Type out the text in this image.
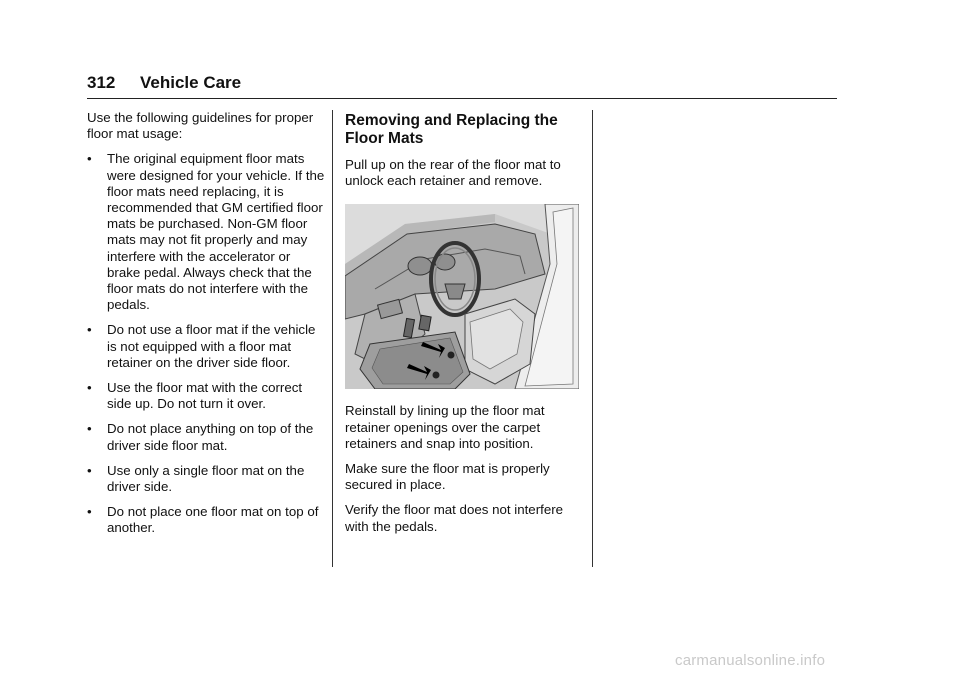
312 Vehicle Care

Use the following guidelines for proper floor mat usage:

• The original equipment floor mats were designed for your vehicle. If the floor mats need replacing, it is recommended that GM certified floor mats be purchased. Non-GM floor mats may not fit properly and may interfere with the accelerator or brake pedal. Always check that the floor mats do not interfere with the pedals.
• Do not use a floor mat if the vehicle is not equipped with a floor mat retainer on the driver side floor.
• Use the floor mat with the correct side up. Do not turn it over.
• Do not place anything on top of the driver side floor mat.
• Use only a single floor mat on the driver side.
• Do not place one floor mat on top of another.
Removing and Replacing the Floor Mats

Pull up on the rear of the floor mat to unlock each retainer and remove.

Reinstall by lining up the floor mat retainer openings over the carpet retainers and snap into position.

Make sure the floor mat is properly secured in place.

Verify the floor mat does not interfere with the pedals.

carmanualsonline.info
